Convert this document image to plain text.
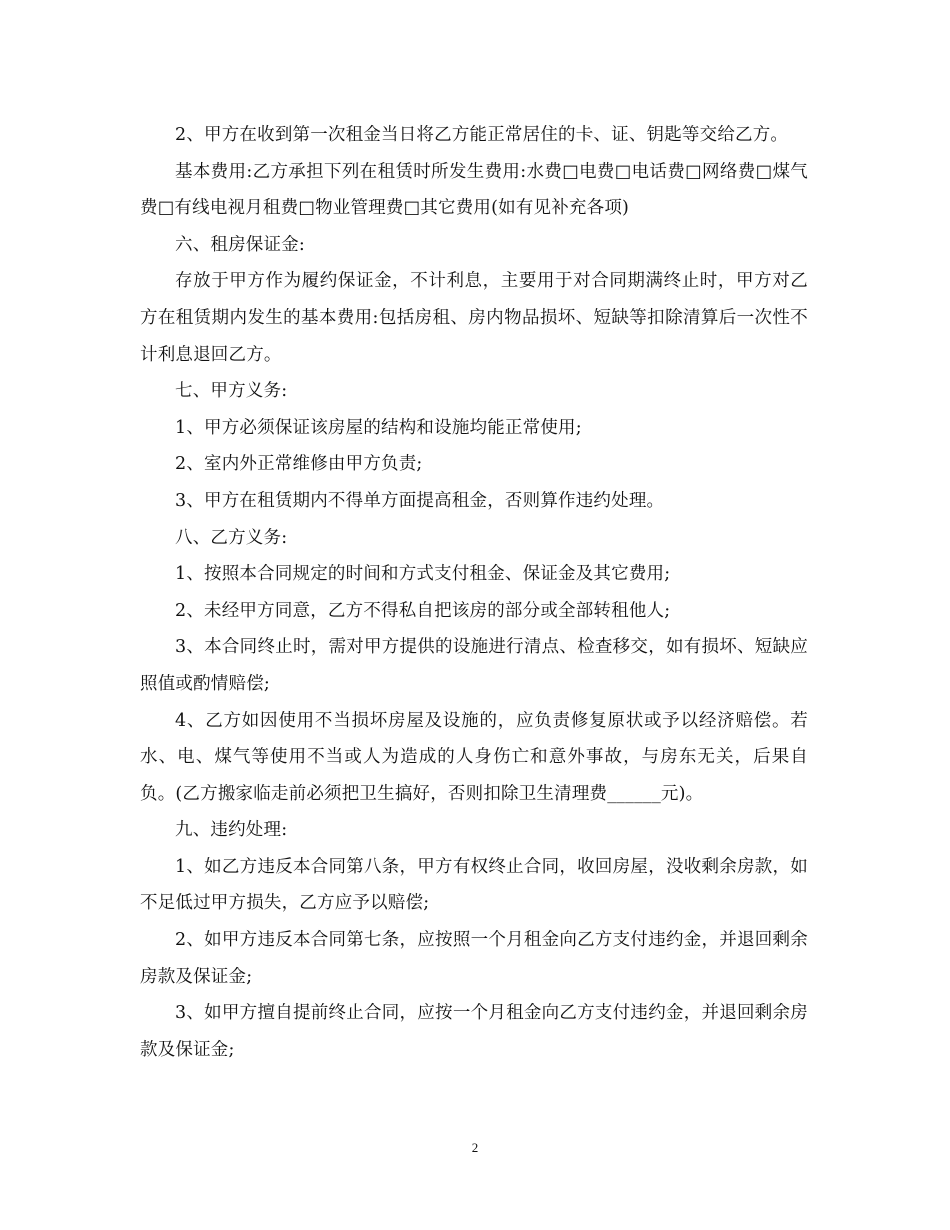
2、甲方在收到第一次租金当日将乙方能正常居住的卡、证、钥匙等交给乙方。

基本费用:乙方承担下列在租赁时所发生费用:水费□电费□电话费□网络费□煤气费□有线电视月租费□物业管理费□其它费用(如有见补充各项)

六、租房保证金:

存放于甲方作为履约保证金，不计利息，主要用于对合同期满终止时，甲方对乙方在租赁期内发生的基本费用:包括房租、房内物品损坏、短缺等扣除清算后一次性不计利息退回乙方。

七、甲方义务:

1、甲方必须保证该房屋的结构和设施均能正常使用;

2、室内外正常维修由甲方负责;

3、甲方在租赁期内不得单方面提高租金，否则算作违约处理。

八、乙方义务:

1、按照本合同规定的时间和方式支付租金、保证金及其它费用;

2、未经甲方同意，乙方不得私自把该房的部分或全部转租他人;

3、本合同终止时，需对甲方提供的设施进行清点、检查移交，如有损坏、短缺应照值或酌情赔偿;

4、乙方如因使用不当损坏房屋及设施的，应负责修复原状或予以经济赔偿。若水、电、煤气等使用不当或人为造成的人身伤亡和意外事故，与房东无关，后果自负。(乙方搬家临走前必须把卫生搞好，否则扣除卫生清理费______元)。

九、违约处理:

1、如乙方违反本合同第八条，甲方有权终止合同，收回房屋，没收剩余房款，如不足低过甲方损失，乙方应予以赔偿;

2、如甲方违反本合同第七条，应按照一个月租金向乙方支付违约金，并退回剩余房款及保证金;

3、如甲方擅自提前终止合同，应按一个月租金向乙方支付违约金，并退回剩余房款及保证金;

2
